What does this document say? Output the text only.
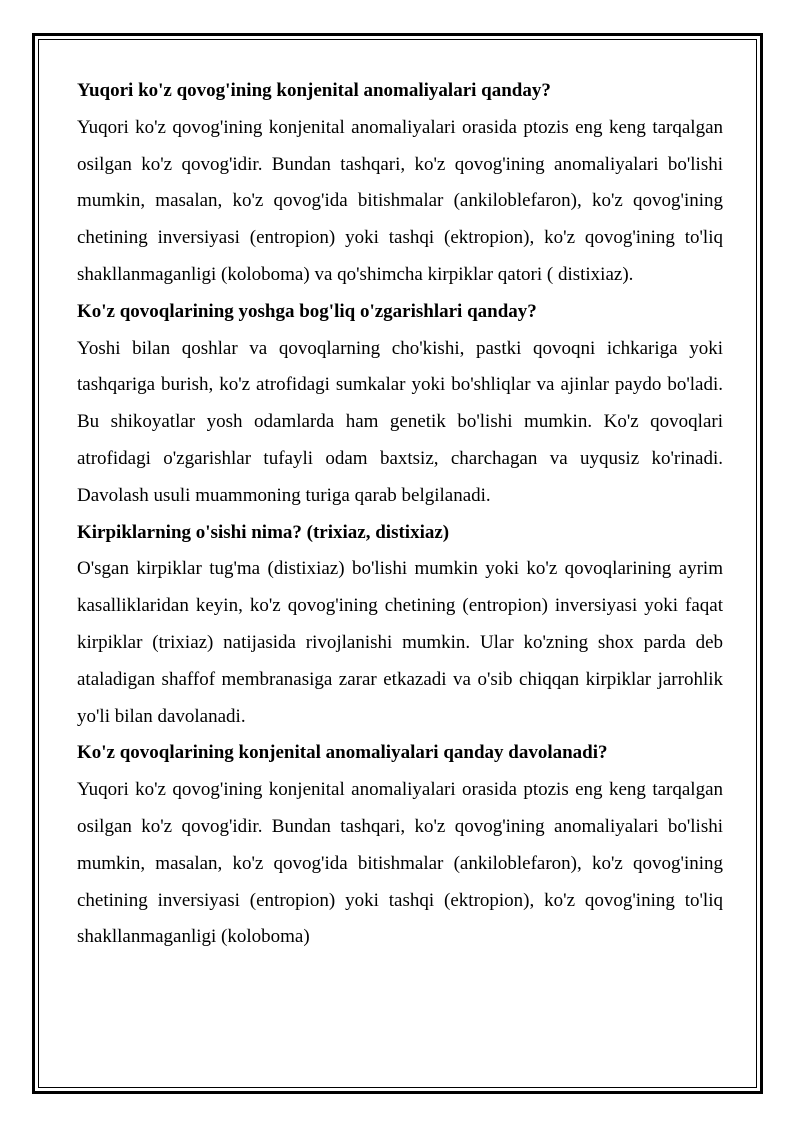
Yuqori ko'z qovog'ining konjenital anomaliyalari qanday?

Yuqori ko'z qovog'ining konjenital anomaliyalari orasida ptozis eng keng tarqalgan osilgan ko'z qovog'idir. Bundan tashqari, ko'z qovog'ining anomaliyalari bo'lishi mumkin, masalan, ko'z qovog'ida bitishmalar (ankiloblefaron), ko'z qovog'ining chetining inversiyasi (entropion) yoki tashqi (ektropion), ko'z qovog'ining to'liq shakllanmaganligi (koloboma) va qo'shimcha kirpiklar qatori ( distixiaz).

Ko'z qovoqlarining yoshga bog'liq o'zgarishlari qanday?

Yoshi bilan qoshlar va qovoqlarning cho'kishi, pastki qovoqni ichkariga yoki tashqariga burish, ko'z atrofidagi sumkalar yoki bo'shliqlar va ajinlar paydo bo'ladi. Bu shikoyatlar yosh odamlarda ham genetik bo'lishi mumkin. Ko'z qovoqlari atrofidagi o'zgarishlar tufayli odam baxtsiz, charchagan va uyqusiz ko'rinadi. Davolash usuli muammoning turiga qarab belgilanadi.

Kirpiklarning o'sishi nima? (trixiaz, distixiaz)

O'sgan kirpiklar tug'ma (distixiaz) bo'lishi mumkin yoki ko'z qovoqlarining ayrim kasalliklaridan keyin, ko'z qovog'ining chetining (entropion) inversiyasi yoki faqat kirpiklar (trixiaz) natijasida rivojlanishi mumkin. Ular ko'zning shox parda deb ataladigan shaffof membranasiga zarar etkazadi va o'sib chiqqan kirpiklar jarrohlik yo'li bilan davolanadi.

Ko'z qovoqlarining konjenital anomaliyalari qanday davolanadi?

Yuqori ko'z qovog'ining konjenital anomaliyalari orasida ptozis eng keng tarqalgan osilgan ko'z qovog'idir. Bundan tashqari, ko'z qovog'ining anomaliyalari bo'lishi mumkin, masalan, ko'z qovog'ida bitishmalar (ankiloblefaron), ko'z qovog'ining chetining inversiyasi (entropion) yoki tashqi (ektropion), ko'z qovog'ining to'liq shakllanmaganligi (koloboma)
